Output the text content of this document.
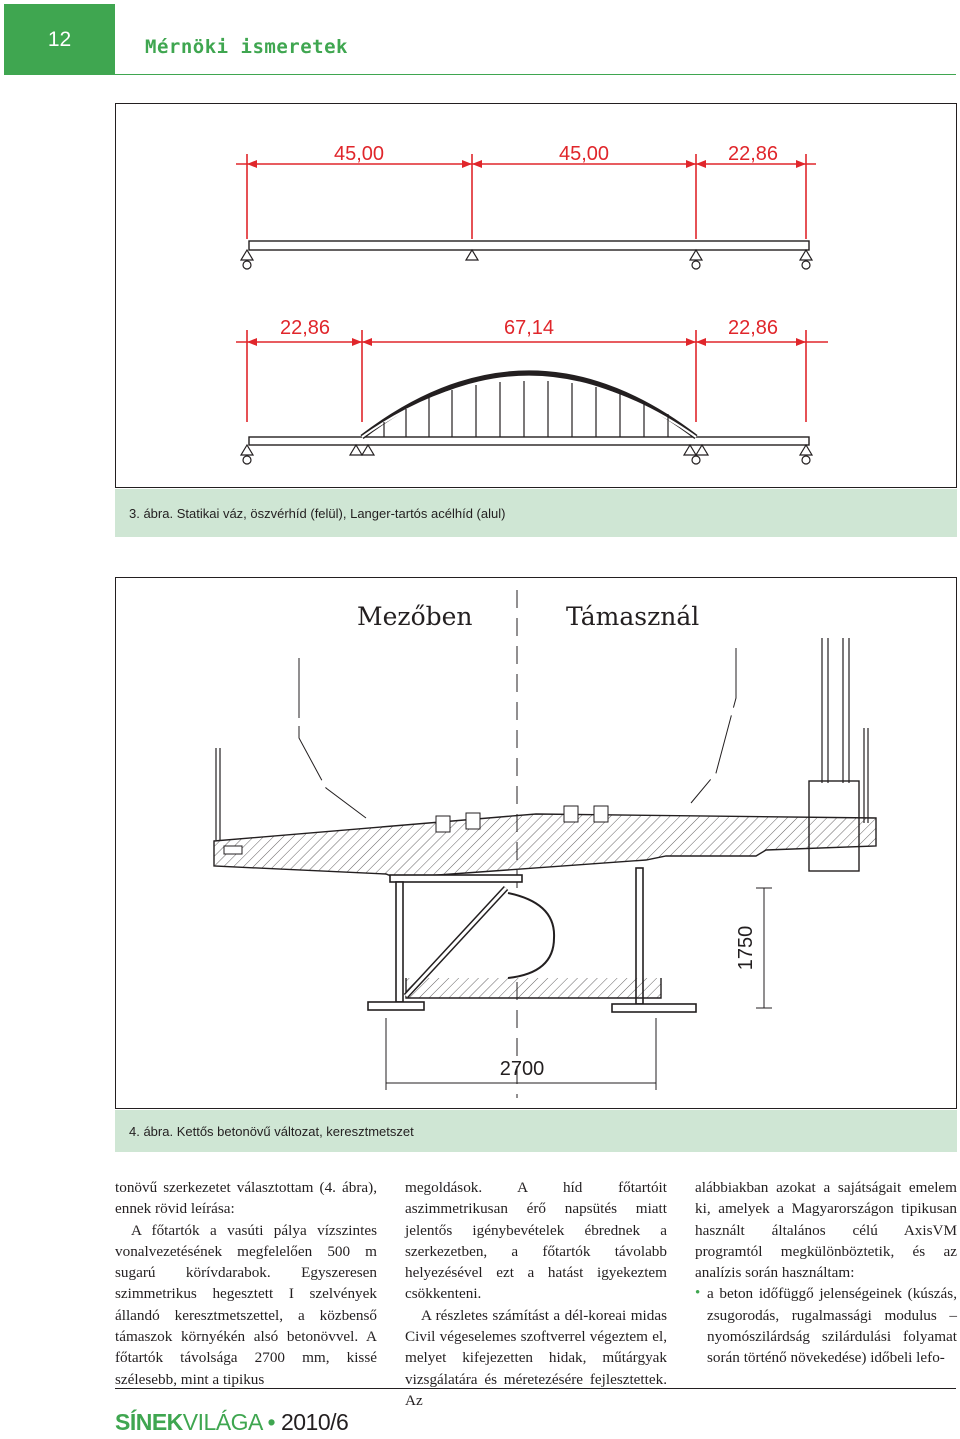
12	Mérnöki ismeretek
45,00	45,00	22,86
22,86	67,14	22,86
3. ábra. Statikai váz, öszvérhíd (felül), Langer-tartós acélhíd (alul)
Mezőben	Támasznál
2700
1750
4. ábra. Kettős betonövű változat, keresztmetszet

tonövű szerkezetet választottam (4. ábra), ennek rövid leírása:

A főtartók a vasúti pálya vízszintes vonalvezetésének megfelelően 500 m sugarú körívdarabok. Egyszeresen szimmetrikus hegesztett I szelvények állandó keresztmetszettel, a közbenső támaszok környékén alsó betonövvel. A főtartók távolsága 2700 mm, kissé szélesebb, mint a tipikus

megoldások. A híd főtartóit aszimmetrikusan érő napsütés miatt jelentős igénybevételek ébrednek a szerkezetben, a főtartók távolabb helyezésével ezt a hatást igyekeztem csökkenteni.

A részletes számítást a dél-koreai midas Civil végeselemes szoftverrel végeztem el, melyet kifejezetten hidak, műtárgyak vizsgálatára és méretezésére fejlesztettek. Az

alábbiakban azokat a sajátságait emelem ki, amelyek a Magyarországon tipikusan használt általános célú AxisVM programtól megkülönböztetik, és az analízis során használtam:

• a beton időfüggő jelenségeinek (kúszás, zsugorodás, rugalmassági modulus – nyomószilárdság szilárdulási folyamat során történő növekedése) időbeli lefo-

SÍNEKVILÁGA • 2010/6
